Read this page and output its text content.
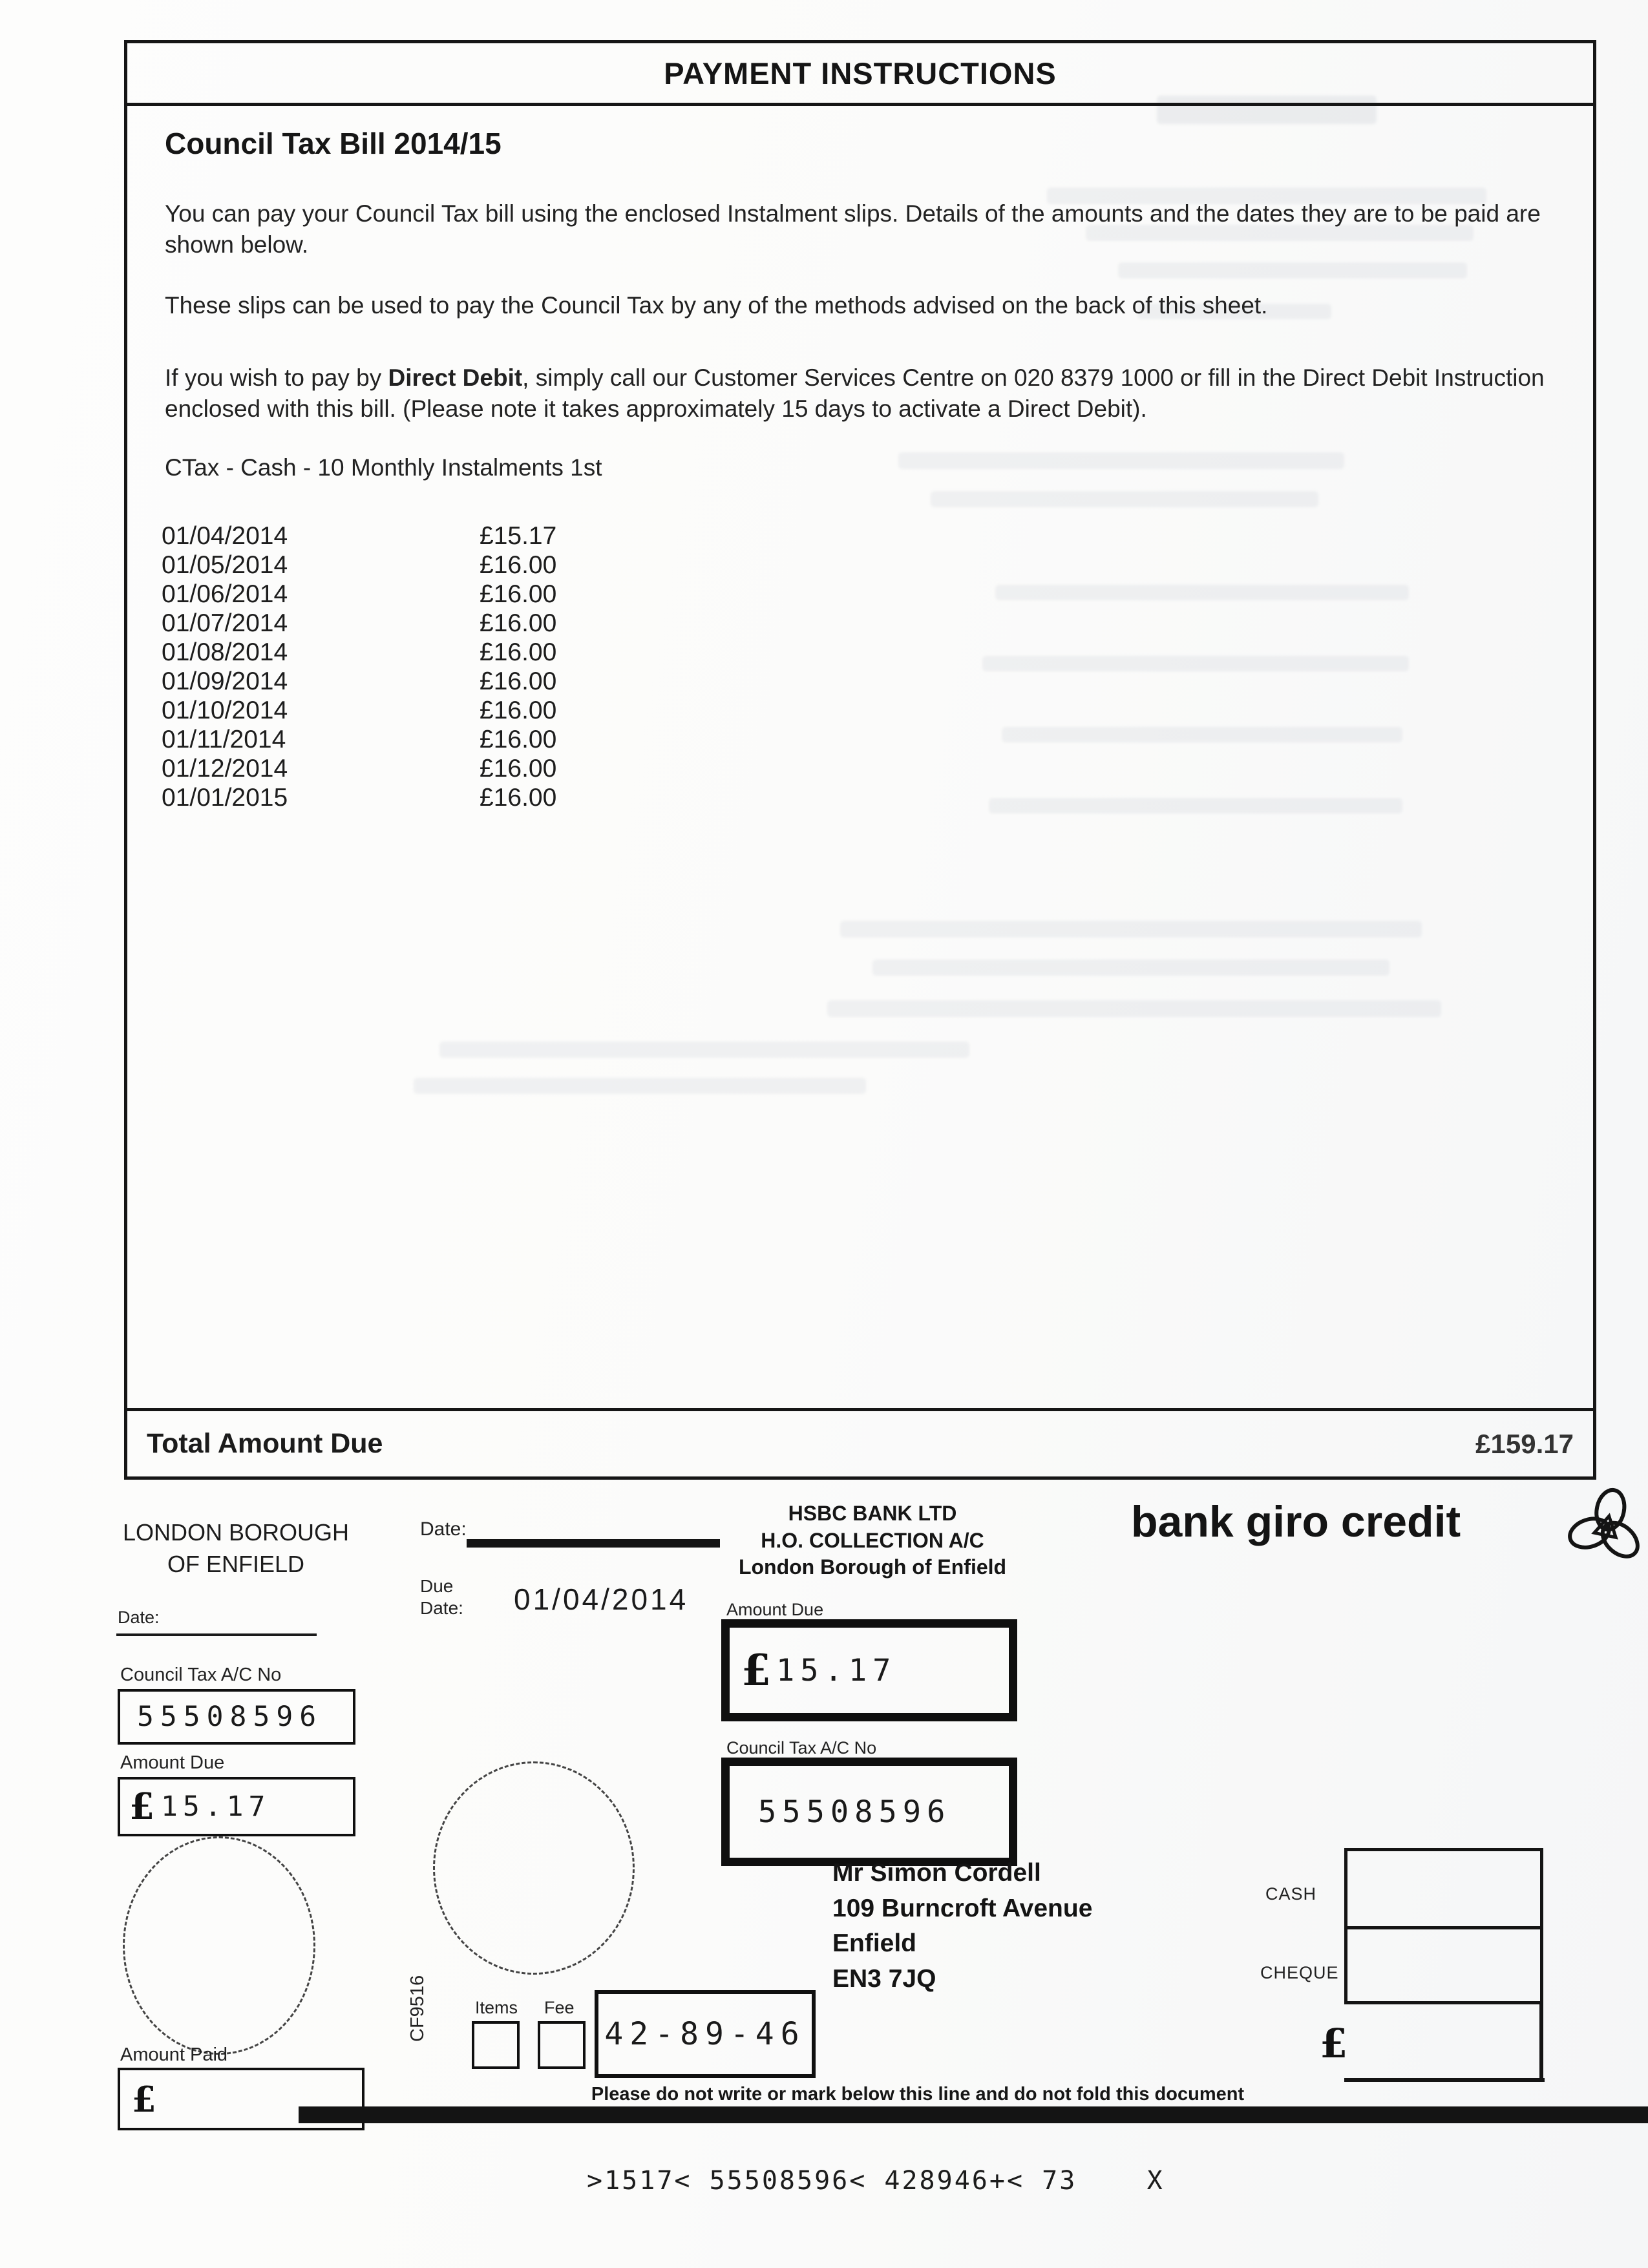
PAYMENT INSTRUCTIONS
Council Tax Bill 2014/15
You can pay your Council Tax bill using the enclosed Instalment slips. Details of the amounts and the dates they are to be paid are shown below.
These slips can be used to pay the Council Tax by any of the methods advised on the back of this sheet.
If you wish to pay by Direct Debit, simply call our Customer Services Centre on 020 8379 1000 or fill in the Direct Debit Instruction enclosed with this bill. (Please note it takes approximately 15 days to activate a Direct Debit).
CTax - Cash - 10 Monthly Instalments 1st
01/04/2014	£15.17
01/05/2014	£16.00
01/06/2014	£16.00
01/07/2014	£16.00
01/08/2014	£16.00
01/09/2014	£16.00
01/10/2014	£16.00
01/11/2014	£16.00
01/12/2014	£16.00
01/01/2015	£16.00
Total Amount Due	£159.17
LONDON BOROUGH
OF ENFIELD
Date:
Council Tax A/C No
55508596
Amount Due
£ 15.17
Amount Paid
£
Date:
Due
Date: 01/04/2014
CF9516	Items Fee
42-89-46
HSBC BANK LTD
H.O. COLLECTION A/C
London Borough of Enfield
Amount Due
£ 15.17
Council Tax A/C No
55508596
Mr Simon Cordell
109 Burncroft Avenue
Enfield
EN3 7JQ
bank giro credit
CASH
CHEQUE
£
Please do not write or mark below this line and do not fold this document
>1517< 55508596< 428946+< 73    X
